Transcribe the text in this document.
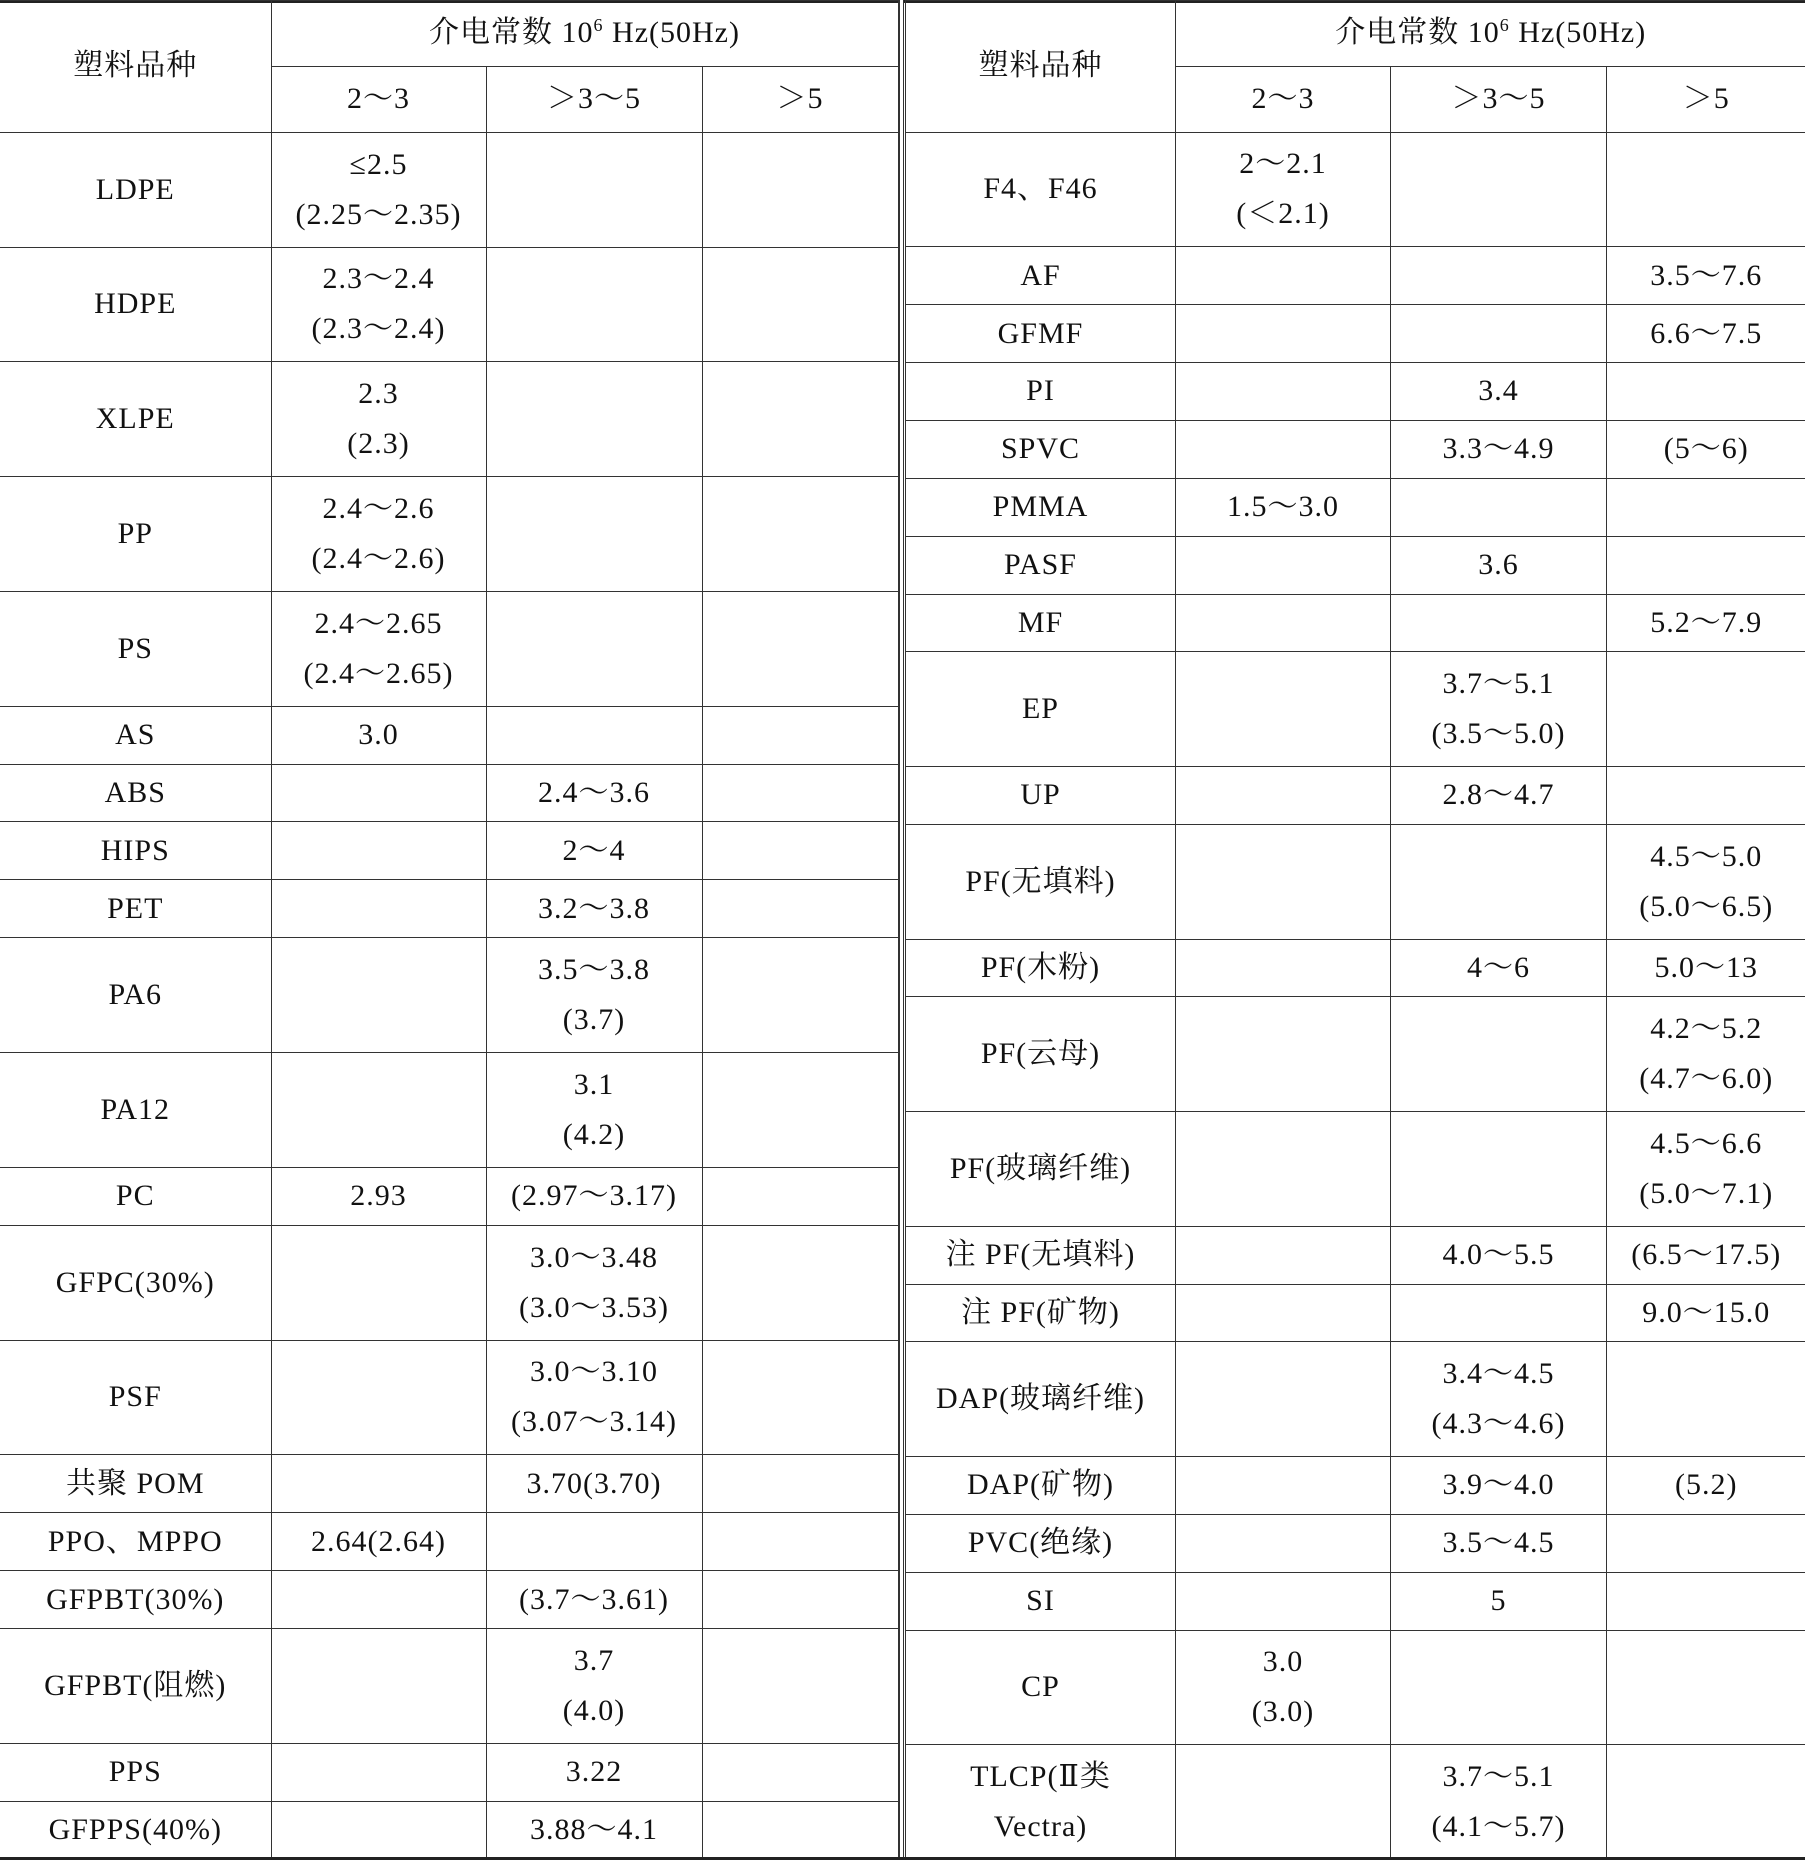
塑料品种	介电常数 $10^6$ Hz(50Hz)		
	2～3	＞3～5	＞5
LDPE	≤2.5
(2.25～2.35)		

HDPE	2.3～2.4
(2.3～2.4)		

XLPE	2.3
(2.3)		

PP	2.4～2.6
(2.4～2.6)		

PS	2.4～2.65
(2.4～2.65)		

AS	3.0		

ABS		2.4～3.6	

HIPS		2～4	

PET		3.2～3.8	

PA6		3.5～3.8
(3.7)	

PA12		3.1
(4.2)	

PC	2.93	(2.97～3.17)	

GFPC(30%)		3.0～3.48
(3.0～3.53)	

PSF		3.0～3.10
(3.07～3.14)	

共聚 POM		3.70(3.70)	

PPO、MPPO	2.64(2.64)		

GFPBT(30%)		(3.7～3.61)	

GFPBT(阻燃)		3.7
(4.0)	

PPS		3.22	

GFPPS(40%)		3.88～4.1	

塑料品种	介电常数 $10^6$ Hz(50Hz)		
	2～3	＞3～5	＞5
F4、F46	2～2.1
(＜2.1)		

AF			3.5～7.6

GFMF			6.6～7.5

PI		3.4	

SPVC		3.3～4.9	(5～6)

PMMA	1.5～3.0		

PASF		3.6	

MF			5.2～7.9

EP		3.7～5.1
(3.5～5.0)	

UP		2.8～4.7	

PF(无填料)			4.5～5.0
(5.0～6.5)

PF(木粉)		4～6	5.0～13

PF(云母)			4.2～5.2
(4.7～6.0)

PF(玻璃纤维)			4.5～6.6
(5.0～7.1)

注 PF(无填料)		4.0～5.5	(6.5～17.5)

注 PF(矿物)			9.0～15.0

DAP(玻璃纤维)		3.4～4.5
(4.3～4.6)	

DAP(矿物)		3.9～4.0	(5.2)

PVC(绝缘)		3.5～4.5	

SI		5	

CP	3.0
(3.0)		

TLCP(Ⅱ类
Vectra)		3.7～5.1
(4.1～5.7)	
